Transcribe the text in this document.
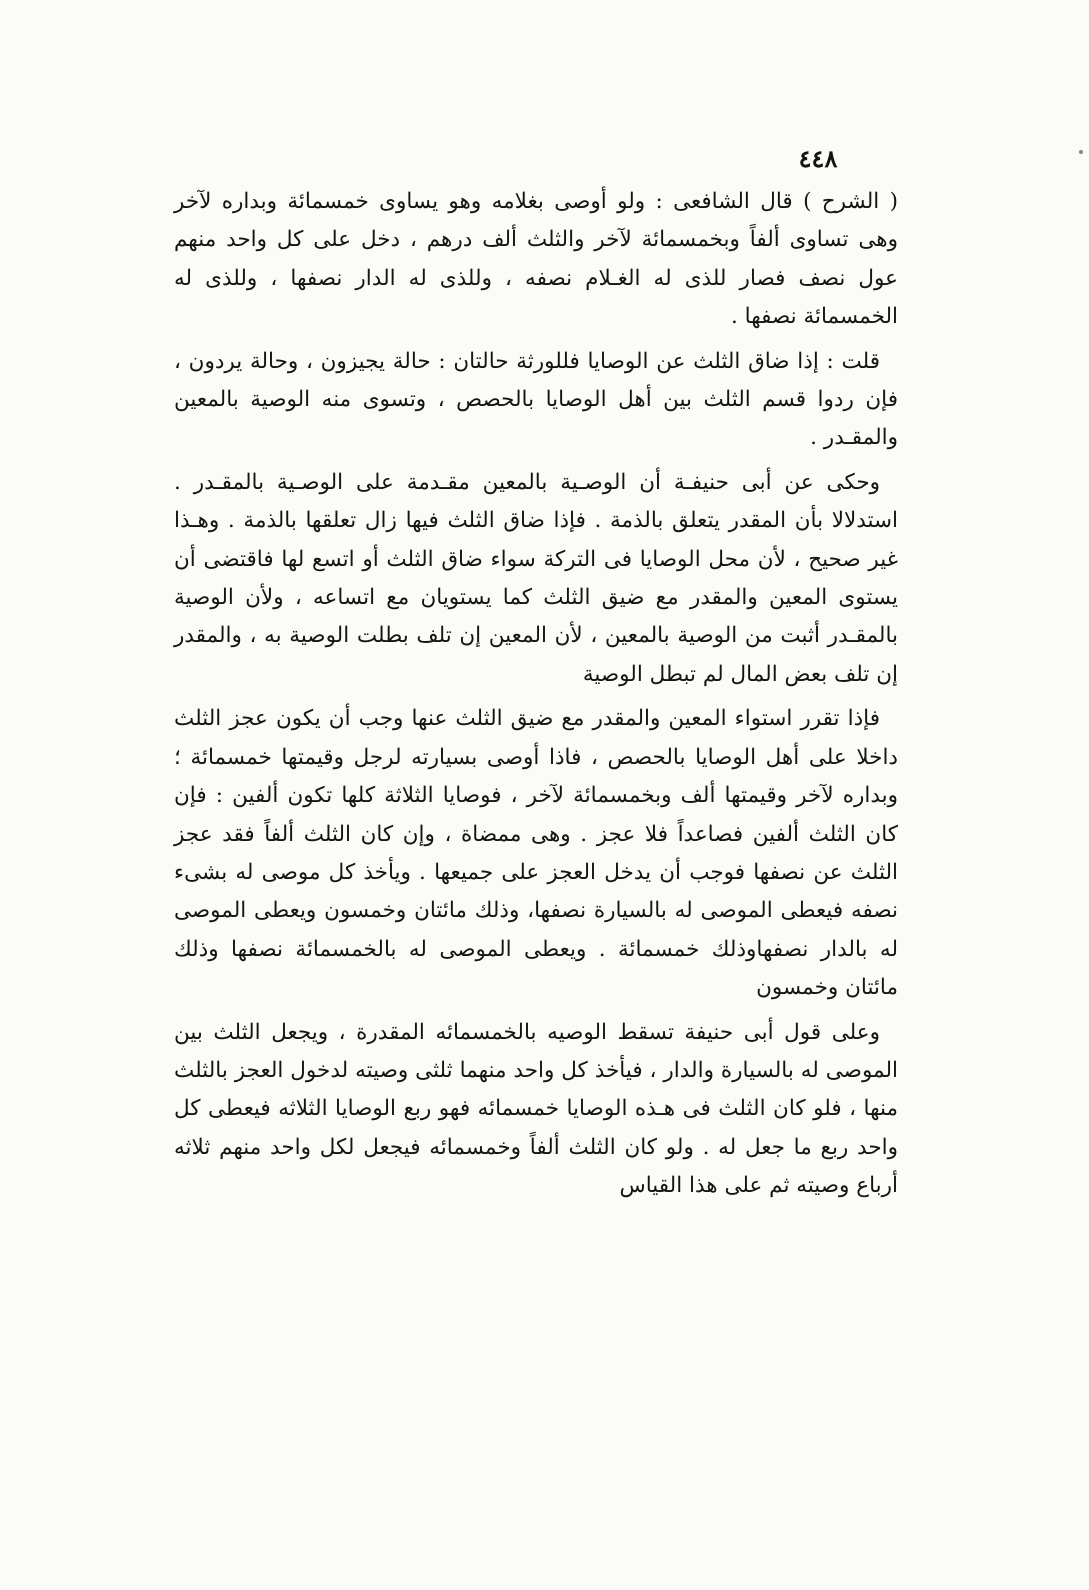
٤٤٨

( الشرح ) قال الشافعى : ولو أوصى بغلامه وهو يساوى خمسمائة وبداره لآخر وهى تساوى ألفاً وبخمسمائة لآخر والثلث ألف درهم ، دخل على كل واحد منهم عول نصف فصار للذى له الغـلام نصفه ، وللذى له الدار نصفها ، وللذى له الخمسمائة نصفها .

قلت : إذا ضاق الثلث عن الوصايا فللورثة حالتان : حالة يجيزون ، وحالة يردون ، فإن ردوا قسم الثلث بين أهل الوصايا بالحصص ، وتسوى منه الوصية بالمعين والمقـدر .

وحكى عن أبى حنيفـة أن الوصـية بالمعين مقـدمة على الوصـية بالمقـدر . استدلالا بأن المقدر يتعلق بالذمة . فإذا ضاق الثلث فيها زال تعلقها بالذمة . وهـذا غير صحيح ، لأن محل الوصايا فى التركة سواء ضاق الثلث أو اتسع لها فاقتضى أن يستوى المعين والمقدر مع ضيق الثلث كما يستويان مع اتساعه ، ولأن الوصية بالمقـدر أثبت من الوصية بالمعين ، لأن المعين إن تلف بطلت الوصية به ، والمقدر إن تلف بعض المال لم تبطل الوصية

فإذا تقرر استواء المعين والمقدر مع ضيق الثلث عنها وجب أن يكون عجز الثلث داخلا على أهل الوصايا بالحصص ، فاذا أوصى بسيارته لرجل وقيمتها خمسمائة ؛ وبداره لآخر وقيمتها ألف وبخمسمائة لآخر ، فوصايا الثلاثة كلها تكون ألفين : فإن كان الثلث ألفين فصاعداً فلا عجز . وهى ممضاة ، وإن كان الثلث ألفاً فقد عجز الثلث عن نصفها فوجب أن يدخل العجز على جميعها . ويأخذ كل موصى له بشىء نصفه فيعطى الموصى له بالسيارة نصفها، وذلك مائتان وخمسون ويعطى الموصى له بالدار نصفهاوذلك خمسمائة . ويعطى الموصى له بالخمسمائة نصفها وذلك مائتان وخمسون

وعلى قول أبى حنيفة تسقط الوصيه بالخمسمائه المقدرة ، ويجعل الثلث بين الموصى له بالسيارة والدار ، فيأخذ كل واحد منهما ثلثى وصيته لدخول العجز بالثلث منها ، فلو كان الثلث فى هـذه الوصايا خمسمائه فهو ربع الوصايا الثلاثه فيعطى كل واحد ربع ما جعل له . ولو كان الثلث ألفاً وخمسمائه فيجعل لكل واحد منهم ثلاثه أرباع وصيته ثم على هذا القياس
